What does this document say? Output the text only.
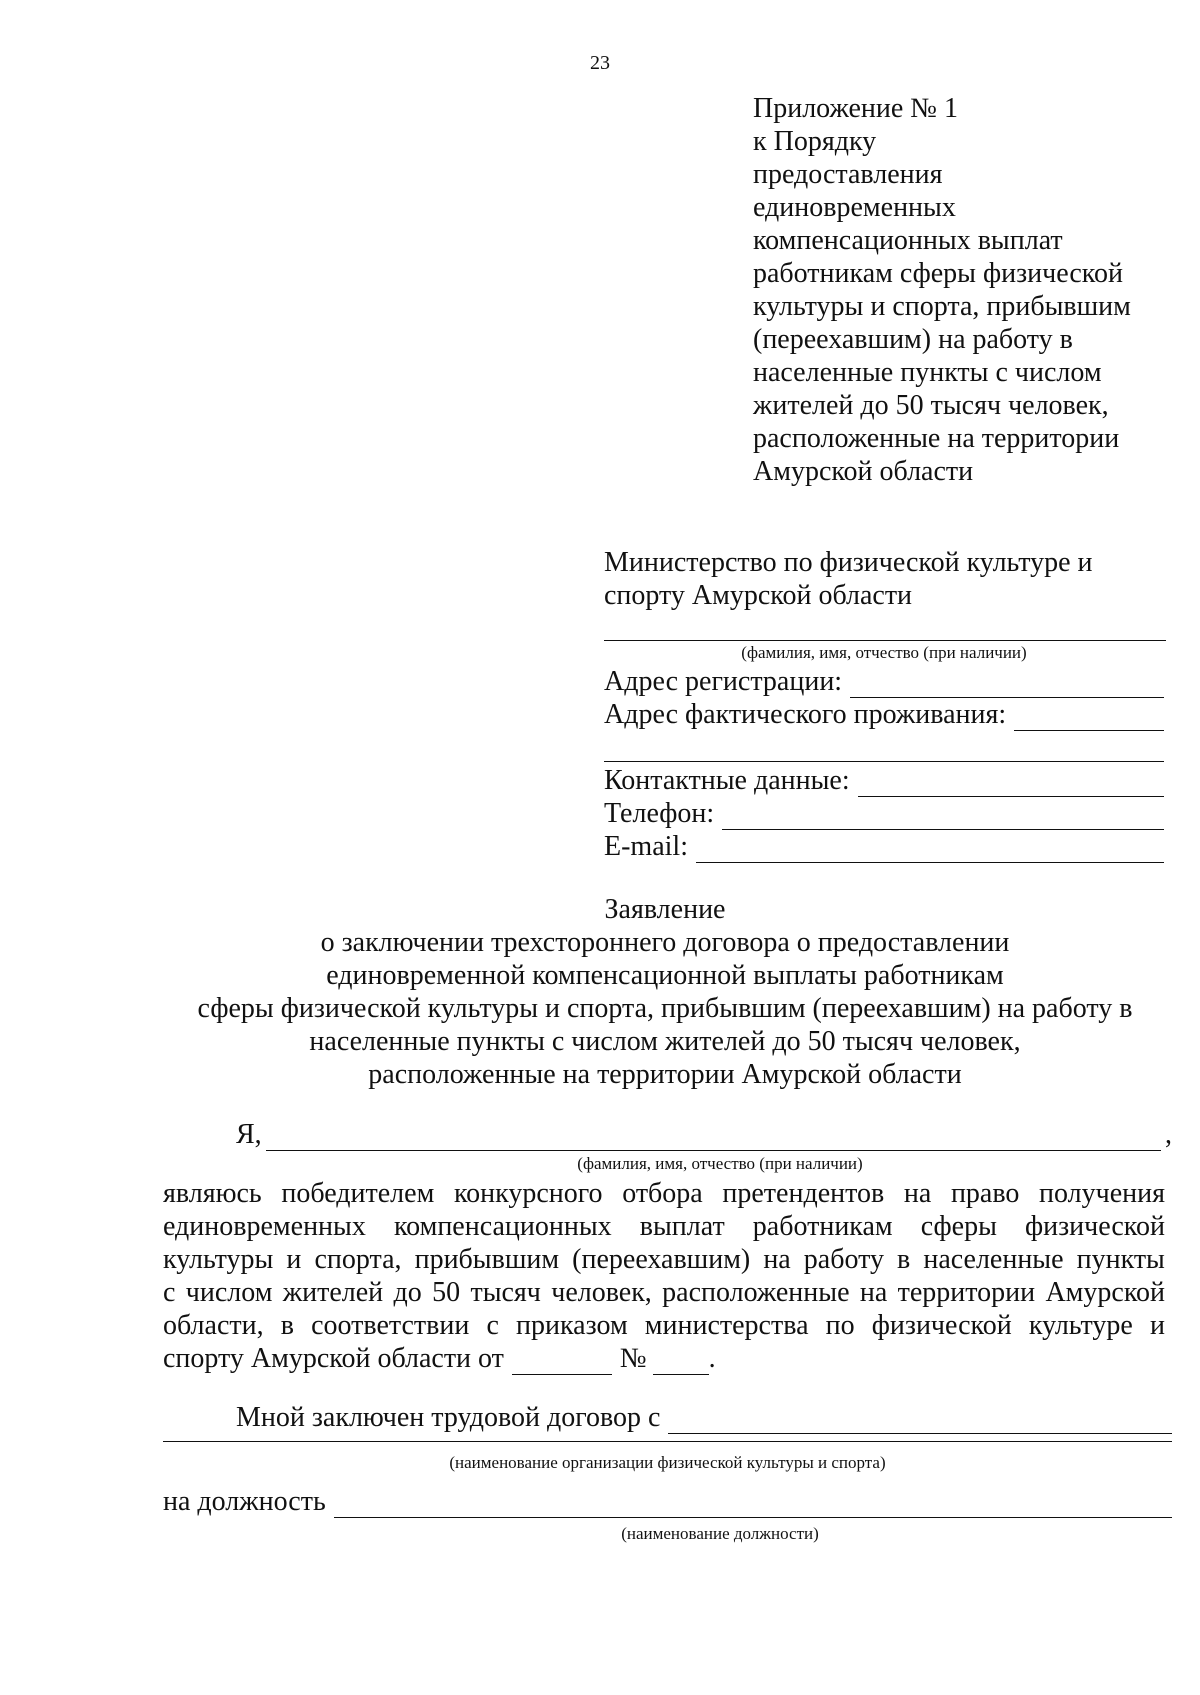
23
Приложение № 1
к Порядку
предоставления
единовременных
компенсационных выплат
работникам сферы физической
культуры и спорта, прибывшим
(переехавшим) на работу в
населенные пункты с числом
жителей до 50 тысяч человек,
расположенные на территории
Амурской области
Министерство по физической культуре и
спорту Амурской области
(фамилия, имя, отчество (при наличии)
Адрес регистрации:
Адрес фактического проживания:
Контактные данные:
Телефон:
E-mail:
Заявление
о заключении трехстороннего договора о предоставлении
единовременной компенсационной выплаты работникам
сферы физической культуры и спорта, прибывшим (переехавшим) на работу в
населенные пункты с числом жителей до 50 тысяч человек,
расположенные на территории Амурской области
Я,	,
(фамилия, имя, отчество (при наличии)
являюсь победителем конкурсного отбора претендентов на право получения
единовременных компенсационных выплат работникам сферы физической
культуры и спорта, прибывшим (переехавшим) на работу в населенные пункты
с числом жителей до 50 тысяч человек, расположенные на территории Амурской
области, в соответствии с приказом министерства по физической культуре и
спорту Амурской области от	№ .
Мной заключен трудовой договор с
(наименование организации физической культуры и спорта)
на должность
(наименование должности)
